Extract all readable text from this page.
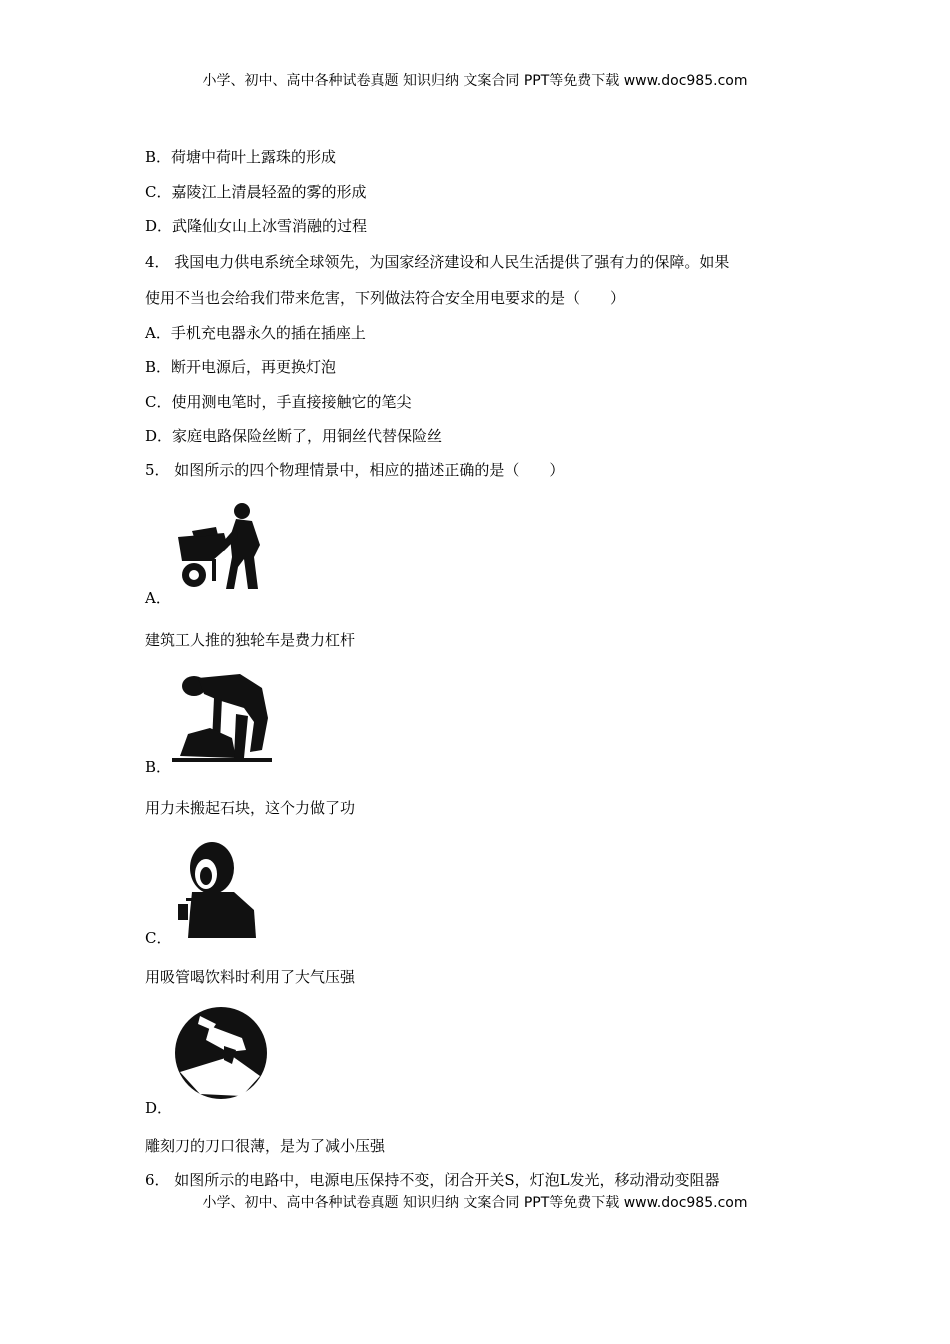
小学、初中、高中各种试卷真题 知识归纳 文案合同 PPT等免费下载 www.doc985.com
B．荷塘中荷叶上露珠的形成
C．嘉陵江上清晨轻盈的雾的形成
D．武隆仙女山上冰雪消融的过程
4． 我国电力供电系统全球领先，为国家经济建设和人民生活提供了强有力的保障。如果
使用不当也会给我们带来危害，下列做法符合安全用电要求的是（　　）
A．手机充电器永久的插在插座上
B．断开电源后，再更换灯泡
C．使用测电笔时，手直接接触它的笔尖
D．家庭电路保险丝断了，用铜丝代替保险丝
5． 如图所示的四个物理情景中，相应的描述正确的是（　　）
A．
建筑工人推的独轮车是费力杠杆
B．
用力未搬起石块，这个力做了功
C．
用吸管喝饮料时利用了大气压强
D．
雕刻刀的刀口很薄，是为了减小压强
6． 如图所示的电路中，电源电压保持不变，闭合开关S，灯泡L发光，移动滑动变阻器
小学、初中、高中各种试卷真题 知识归纳 文案合同 PPT等免费下载 www.doc985.com
